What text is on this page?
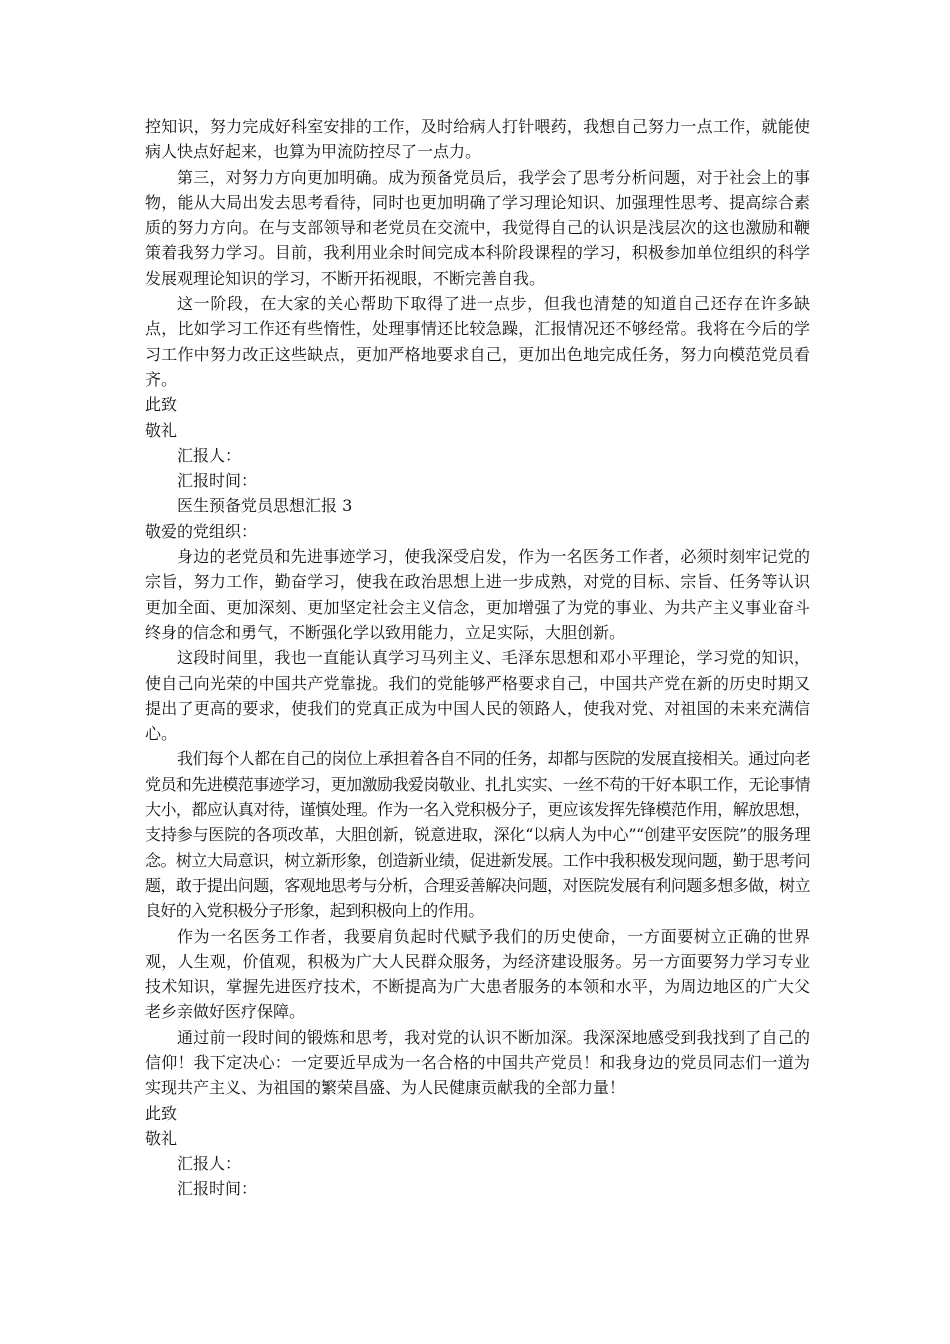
控知识，努力完成好科室安排的工作，及时给病人打针喂药，我想自己努力一点工作，就能使病人快点好起来，也算为甲流防控尽了一点力。

第三，对努力方向更加明确。成为预备党员后，我学会了思考分析问题，对于社会上的事物，能从大局出发去思考看待，同时也更加明确了学习理论知识、加强理性思考、提高综合素质的努力方向。在与支部领导和老党员在交流中，我觉得自己的认识是浅层次的这也激励和鞭策着我努力学习。目前，我利用业余时间完成本科阶段课程的学习，积极参加单位组织的科学发展观理论知识的学习，不断开拓视眼，不断完善自我。

这一阶段，在大家的关心帮助下取得了进一点步，但我也清楚的知道自己还存在许多缺点，比如学习工作还有些惰性，处理事情还比较急躁，汇报情况还不够经常。我将在今后的学习工作中努力改正这些缺点，更加严格地要求自己，更加出色地完成任务，努力向模范党员看齐。

此致

敬礼

汇报人：

汇报时间：

医生预备党员思想汇报 3

敬爱的党组织：

身边的老党员和先进事迹学习，使我深受启发，作为一名医务工作者，必须时刻牢记党的宗旨，努力工作，勤奋学习，使我在政治思想上进一步成熟，对党的目标、宗旨、任务等认识更加全面、更加深刻、更加坚定社会主义信念，更加增强了为党的事业、为共产主义事业奋斗终身的信念和勇气，不断强化学以致用能力，立足实际，大胆创新。

这段时间里，我也一直能认真学习马列主义、毛泽东思想和邓小平理论，学习党的知识，使自己向光荣的中国共产党靠拢。我们的党能够严格要求自己，中国共产党在新的历史时期又提出了更高的要求，使我们的党真正成为中国人民的领路人，使我对党、对祖国的未来充满信心。

我们每个人都在自己的岗位上承担着各自不同的任务，却都与医院的发展直接相关。通过向老党员和先进模范事迹学习，更加激励我爱岗敬业、扎扎实实、一丝不苟的干好本职工作，无论事情大小，都应认真对待，谨慎处理。作为一名入党积极分子，更应该发挥先锋模范作用，解放思想，支持参与医院的各项改革，大胆创新，锐意进取，深化“以病人为中心”“创建平安医院”的服务理念。树立大局意识，树立新形象，创造新业绩，促进新发展。工作中我积极发现问题，勤于思考问题，敢于提出问题，客观地思考与分析，合理妥善解决问题，对医院发展有利问题多想多做，树立良好的入党积极分子形象，起到积极向上的作用。

作为一名医务工作者，我要肩负起时代赋予我们的历史使命，一方面要树立正确的世界观，人生观，价值观，积极为广大人民群众服务，为经济建设服务。另一方面要努力学习专业技术知识，掌握先进医疗技术，不断提高为广大患者服务的本领和水平，为周边地区的广大父老乡亲做好医疗保障。

通过前一段时间的锻炼和思考，我对党的认识不断加深。我深深地感受到我找到了自己的信仰！我下定决心：一定要近早成为一名合格的中国共产党员！和我身边的党员同志们一道为实现共产主义、为祖国的繁荣昌盛、为人民健康贡献我的全部力量！

此致

敬礼

汇报人：

汇报时间：
